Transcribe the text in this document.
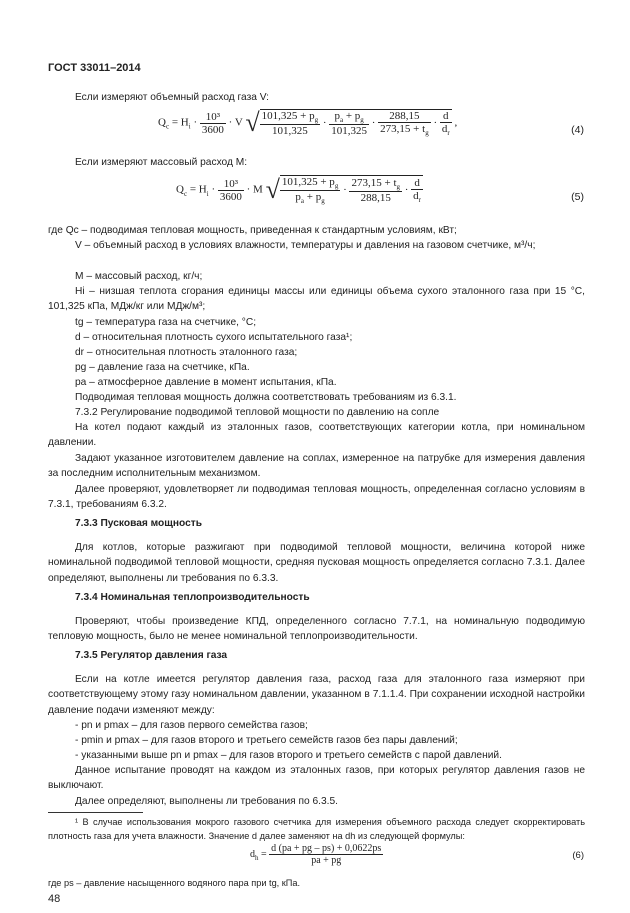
ГОСТ 33011–2014

Если измеряют объемный расход газа V:

$Q_c = H_i \cdot \frac{\text{10³}}{3600} \cdot V$ √ $\frac{101,325 + p_g}{101,325} \cdot \frac{p_a + p_g}{101,325} \cdot \frac{288,15}{273,15 + t_g} \cdot \frac{d}{d_r}$ ,
(4)

Если измеряют массовый расход M:

$Q_c = H_i \cdot \frac{\text{10³}}{3600} \cdot M$ √ $\frac{101,325 + p_g}{p_a + p_g} \cdot \frac{273,15 + t_g}{288,15} \cdot \frac{d}{d_r}$	(5)

где Qc – подводимая тепловая мощность, приведенная к стандартным условиям, кВт;

V – объемный расход в условиях влажности, температуры и давления на газовом счетчике, м³/ч;

M – массовый расход, кг/ч;

Hi – низшая теплота сгорания единицы массы или единицы объема сухого эталонного газа при 15 °С, 101,325 кПа, МДж/кг или МДж/м³;

tg – температура газа на счетчике, °С;

d – относительная плотность сухого испытательного газа¹;

dr – относительная плотность эталонного газа;

pg – давление газа на счетчике, кПа.

pa – атмосферное давление в момент испытания, кПа.

Подводимая тепловая мощность должна соответствовать требованиям из 6.3.1.

7.3.2 Регулирование подводимой тепловой мощности по давлению на сопле

На котел подают каждый из эталонных газов, соответствующих категории котла, при номинальном давлении.

Задают указанное изготовителем давление на соплах, измеренное на патрубке для измерения давления за последним исполнительным механизмом.

Далее проверяют, удовлетворяет ли подводимая тепловая мощность, определенная согласно условиям в 7.3.1, требованиям 6.3.2.

7.3.3 Пусковая мощность

Для котлов, которые разжигают при подводимой тепловой мощности, величина которой ниже номинальной подводимой тепловой мощности, средняя пусковая мощность определяется согласно 7.3.1. Далее определяют, выполнены ли требования по 6.3.3.

7.3.4 Номинальная теплопроизводительность

Проверяют, чтобы произведение КПД, определенного согласно 7.7.1, на номинальную подводимую тепловую мощность, было не менее номинальной теплопроизводительности.

7.3.5 Регулятор давления газа

Если на котле имеется регулятор давления газа, расход газа для эталонного газа измеряют при соответствующему этому газу номинальном давлении, указанном в 7.1.1.4. При сохранении исходной настройки давление подачи изменяют между:

- pn и pmax – для газов первого семейства газов;

- pmin и pmax – для газов второго и третьего семейств газов без пары давлений;

- указанными выше pn и pmax – для газов второго и третьего семейств с парой давлений.

Данное испытание проводят на каждом из эталонных газов, при которых регулятор давления газов не выключают.

Далее определяют, выполнены ли требования по 6.3.5.

¹ В случае использования мокрого газового счетчика для измерения объемного расхода следует скорректировать плотность газа для учета влажности. Значение d далее заменяют на dh из следующей формулы:

$d_h = \frac{d (pa + pg - ps) + 0,0622ps}{pa + pg}$	(6)

где ps – давление насыщенного водяного пара при tg, кПа.

48
